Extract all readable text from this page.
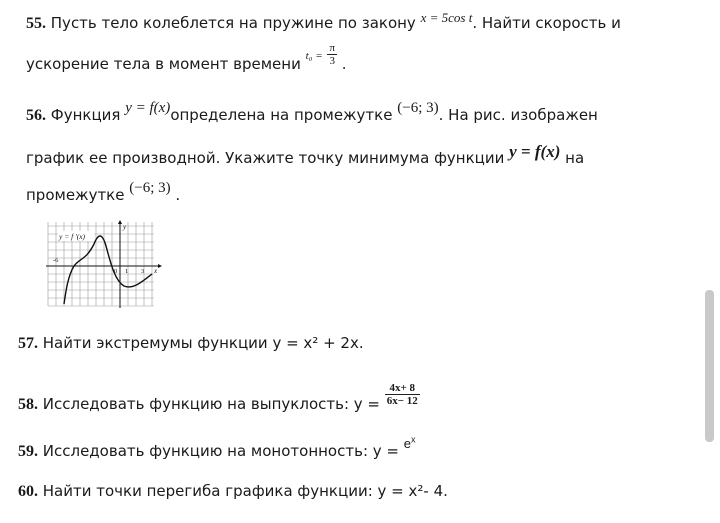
55. Пусть тело колеблется на пружине по закону x = 5cos t. Найти скорость и
ускорение тела в момент времени $^{t_0 =} \frac{\pi}{3}$ .
56. Функция y = f(x)определена на промежутке (−6; 3). На рис. изображен
график ее производной. Укажите точку минимума функции y = f(x) на
промежутке (−6; 3) .
y = f '(x)
y
x
-6
0 1 3
57. Найти экстремумы функции y = x² + 2x.
58. Исследовать функцию на выпуклость: $y = \frac{4x+ 8}{6x- 12}$
59. Исследовать функцию на монотонность: $y = e^x$
60. Найти точки перегиба графика функции: y = x²- 4.
